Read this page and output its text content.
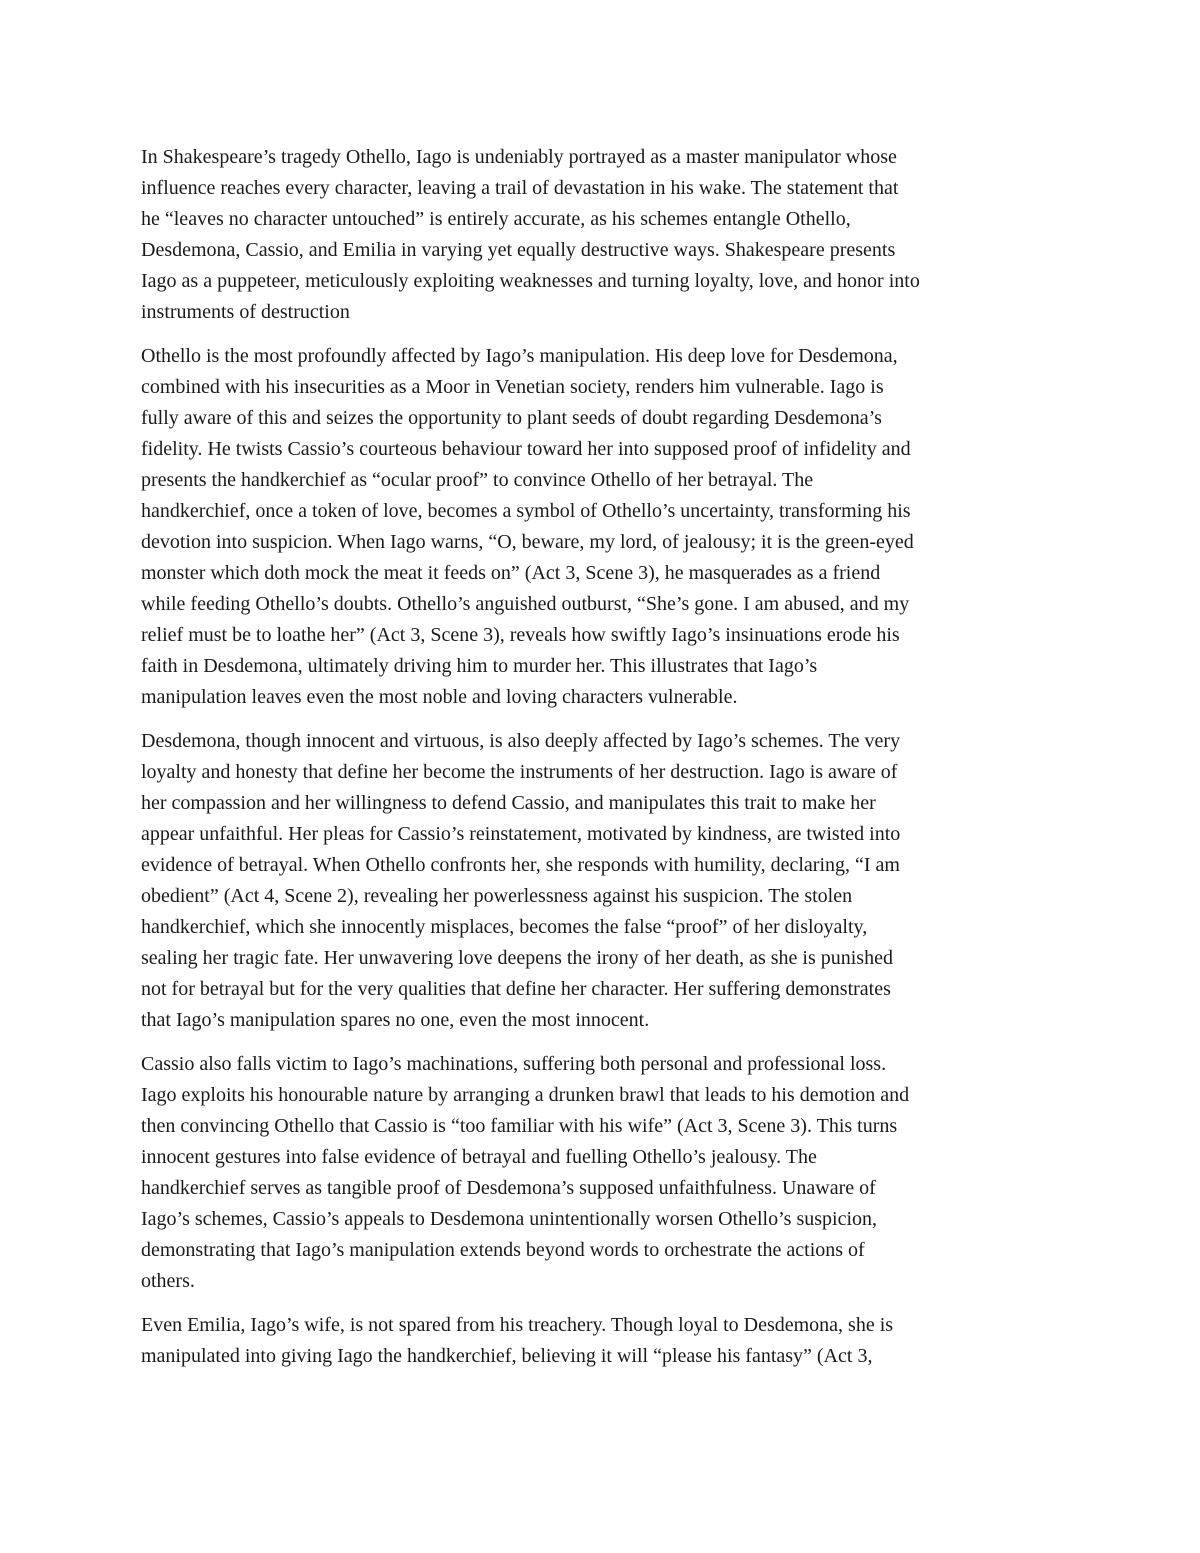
In Shakespeare’s tragedy Othello, Iago is undeniably portrayed as a master manipulator whose
influence reaches every character, leaving a trail of devastation in his wake. The statement that
he “leaves no character untouched” is entirely accurate, as his schemes entangle Othello,
Desdemona, Cassio, and Emilia in varying yet equally destructive ways. Shakespeare presents
Iago as a puppeteer, meticulously exploiting weaknesses and turning loyalty, love, and honor into
instruments of destruction

Othello is the most profoundly affected by Iago’s manipulation. His deep love for Desdemona,
combined with his insecurities as a Moor in Venetian society, renders him vulnerable. Iago is
fully aware of this and seizes the opportunity to plant seeds of doubt regarding Desdemona’s
fidelity. He twists Cassio’s courteous behaviour toward her into supposed proof of infidelity and
presents the handkerchief as “ocular proof” to convince Othello of her betrayal. The
handkerchief, once a token of love, becomes a symbol of Othello’s uncertainty, transforming his
devotion into suspicion. When Iago warns, “O, beware, my lord, of jealousy; it is the green-eyed
monster which doth mock the meat it feeds on” (Act 3, Scene 3), he masquerades as a friend
while feeding Othello’s doubts. Othello’s anguished outburst, “She’s gone. I am abused, and my
relief must be to loathe her” (Act 3, Scene 3), reveals how swiftly Iago’s insinuations erode his
faith in Desdemona, ultimately driving him to murder her. This illustrates that Iago’s
manipulation leaves even the most noble and loving characters vulnerable.

Desdemona, though innocent and virtuous, is also deeply affected by Iago’s schemes. The very
loyalty and honesty that define her become the instruments of her destruction. Iago is aware of
her compassion and her willingness to defend Cassio, and manipulates this trait to make her
appear unfaithful. Her pleas for Cassio’s reinstatement, motivated by kindness, are twisted into
evidence of betrayal. When Othello confronts her, she responds with humility, declaring, “I am
obedient” (Act 4, Scene 2), revealing her powerlessness against his suspicion. The stolen
handkerchief, which she innocently misplaces, becomes the false “proof” of her disloyalty,
sealing her tragic fate. Her unwavering love deepens the irony of her death, as she is punished
not for betrayal but for the very qualities that define her character. Her suffering demonstrates
that Iago’s manipulation spares no one, even the most innocent.

Cassio also falls victim to Iago’s machinations, suffering both personal and professional loss.
Iago exploits his honourable nature by arranging a drunken brawl that leads to his demotion and
then convincing Othello that Cassio is “too familiar with his wife” (Act 3, Scene 3). This turns
innocent gestures into false evidence of betrayal and fuelling Othello’s jealousy. The
handkerchief serves as tangible proof of Desdemona’s supposed unfaithfulness. Unaware of
Iago’s schemes, Cassio’s appeals to Desdemona unintentionally worsen Othello’s suspicion,
demonstrating that Iago’s manipulation extends beyond words to orchestrate the actions of
others.

Even Emilia, Iago’s wife, is not spared from his treachery. Though loyal to Desdemona, she is
manipulated into giving Iago the handkerchief, believing it will “please his fantasy” (Act 3,
